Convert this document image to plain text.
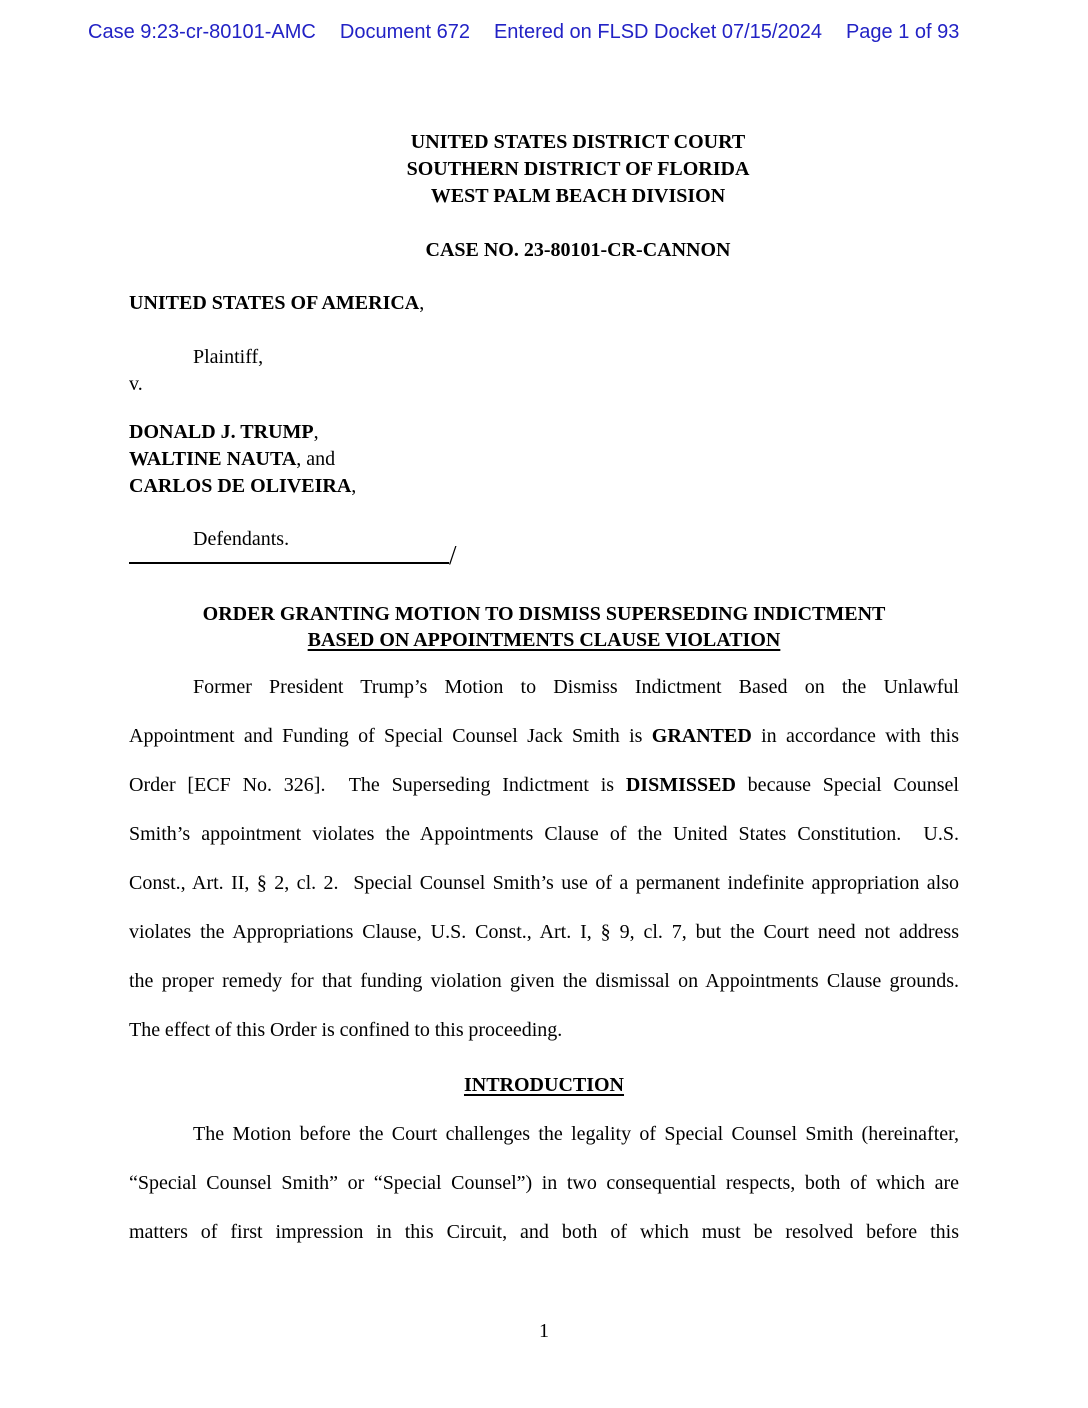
Case 9:23-cr-80101-AMC Document 672 Entered on FLSD Docket 07/15/2024 Page 1 of 93
UNITED STATES DISTRICT COURT
SOUTHERN DISTRICT OF FLORIDA
WEST PALM BEACH DIVISION
CASE NO. 23-80101-CR-CANNON
UNITED STATES OF AMERICA,
Plaintiff,
v.
DONALD J. TRUMP,
WALTINE NAUTA, and
CARLOS DE OLIVEIRA,
Defendants.
/
ORDER GRANTING MOTION TO DISMISS SUPERSEDING INDICTMENT
BASED ON APPOINTMENTS CLAUSE VIOLATION
Former President Trump’s Motion to Dismiss Indictment Based on the Unlawful
Appointment and Funding of Special Counsel Jack Smith is GRANTED in accordance with this
Order [ECF No. 326].  The Superseding Indictment is DISMISSED because Special Counsel
Smith’s appointment violates the Appointments Clause of the United States Constitution.  U.S.
Const., Art. II, § 2, cl. 2.  Special Counsel Smith’s use of a permanent indefinite appropriation also
violates the Appropriations Clause, U.S. Const., Art. I, § 9, cl. 7, but the Court need not address
the proper remedy for that funding violation given the dismissal on Appointments Clause grounds.
The effect of this Order is confined to this proceeding.
INTRODUCTION
The Motion before the Court challenges the legality of Special Counsel Smith (hereinafter,
“Special Counsel Smith” or “Special Counsel”) in two consequential respects, both of which are
matters of first impression in this Circuit, and both of which must be resolved before this
1
